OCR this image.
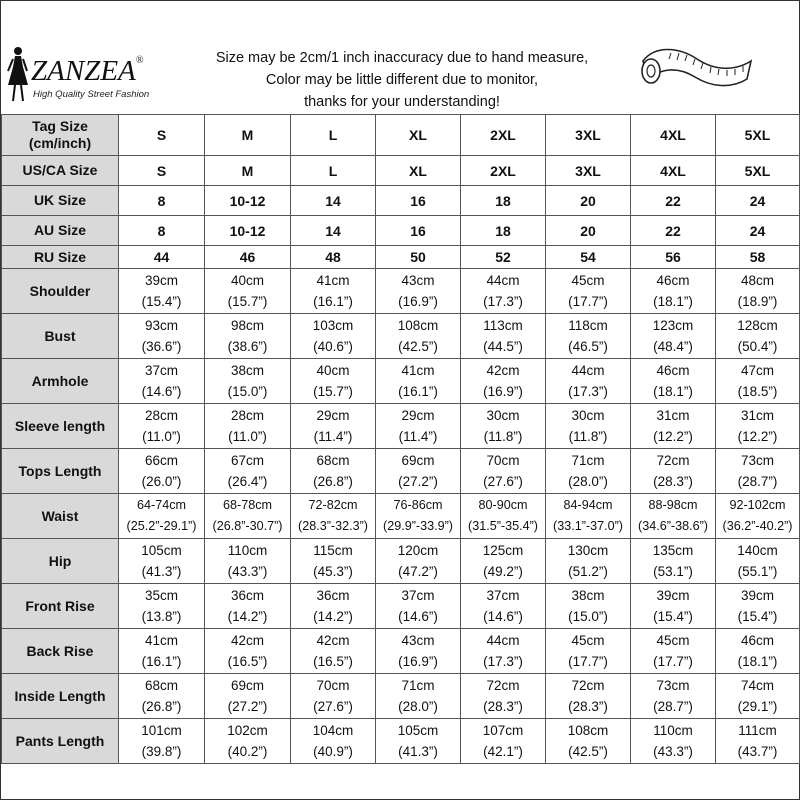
ZANZEA®
High Quality Street Fashion
Size may be 2cm/1 inch inaccuracy due to hand measure,
Color may be little different due to monitor,
thanks for your understanding!
Tag Size
(cm/inch)	S	M	L	XL	2XL	3XL	4XL	5XL
US/CA Size	S	M	L	XL	2XL	3XL	4XL	5XL
UK Size	8	10-12	14	16	18	20	22	24
AU Size	8	10-12	14	16	18	20	22	24
RU Size	44	46	48	50	52	54	56	58
Shoulder	39cm
(15.4”)	40cm
(15.7”)	41cm
(16.1”)	43cm
(16.9”)	44cm
(17.3”)	45cm
(17.7”)	46cm
(18.1”)	48cm
(18.9”)

Bust	93cm
(36.6”)	98cm
(38.6”)	103cm
(40.6”)	108cm
(42.5”)	113cm
(44.5”)	118cm
(46.5”)	123cm
(48.4”)	128cm
(50.4”)

Armhole	37cm
(14.6”)	38cm
(15.0”)	40cm
(15.7”)	41cm
(16.1”)	42cm
(16.9”)	44cm
(17.3”)	46cm
(18.1”)	47cm
(18.5”)

Sleeve length	28cm
(11.0”)	28cm
(11.0”)	29cm
(11.4”)	29cm
(11.4”)	30cm
(11.8”)	30cm
(11.8”)	31cm
(12.2”)	31cm
(12.2”)

Tops Length	66cm
(26.0”)	67cm
(26.4”)	68cm
(26.8”)	69cm
(27.2”)	70cm
(27.6”)	71cm
(28.0”)	72cm
(28.3”)	73cm
(28.7”)

Waist	64-74cm
(25.2”-29.1”)	68-78cm
(26.8”-30.7”)	72-82cm
(28.3”-32.3”)	76-86cm
(29.9”-33.9”)	80-90cm
(31.5”-35.4”)	84-94cm
(33.1”-37.0”)	88-98cm
(34.6”-38.6”)	92-102cm
(36.2”-40.2”)

Hip	105cm
(41.3”)	110cm
(43.3”)	115cm
(45.3”)	120cm
(47.2”)	125cm
(49.2”)	130cm
(51.2”)	135cm
(53.1”)	140cm
(55.1”)

Front Rise	35cm
(13.8”)	36cm
(14.2”)	36cm
(14.2”)	37cm
(14.6”)	37cm
(14.6”)	38cm
(15.0”)	39cm
(15.4”)	39cm
(15.4”)

Back Rise	41cm
(16.1”)	42cm
(16.5”)	42cm
(16.5”)	43cm
(16.9”)	44cm
(17.3”)	45cm
(17.7”)	45cm
(17.7”)	46cm
(18.1”)

Inside Length	68cm
(26.8”)	69cm
(27.2”)	70cm
(27.6”)	71cm
(28.0”)	72cm
(28.3”)	72cm
(28.3”)	73cm
(28.7”)	74cm
(29.1”)

Pants Length	101cm
(39.8”)	102cm
(40.2”)	104cm
(40.9”)	105cm
(41.3”)	107cm
(42.1”)	108cm
(42.5”)	110cm
(43.3”)	111cm
(43.7”)
